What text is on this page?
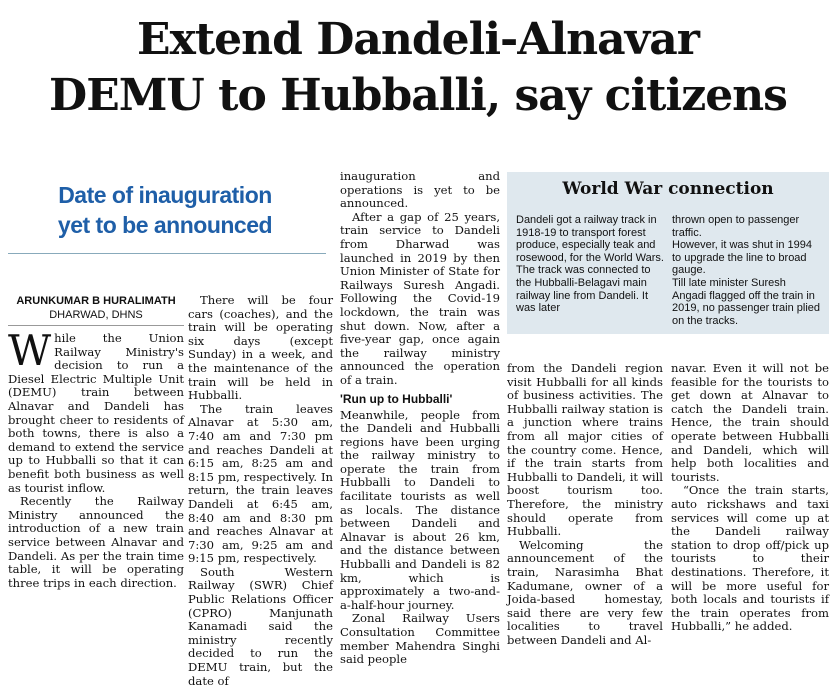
Extend Dandeli-Alnavar
DEMU to Hubballi, say citizens
Date of inauguration
yet to be announced
ARUNKUMAR B HURALIMATH
DHARWAD, DHNS

While the Union Railway Ministry's decision to run a Diesel Electric Multiple Unit (DEMU) train between Alnavar and Dandeli has brought cheer to residents of both towns, there is also a demand to extend the service up to Hubballi so that it can benefit both business as well as tourist inflow.

Recently the Railway Ministry announced the introduction of a new train service between Alnavar and Dandeli. As per the train time table, it will be operating three trips in each direction.

There will be four cars (coaches), and the train will be operating six days (except Sunday) in a week, and the maintenance of the train will be held in Hubballi.

The train leaves Alnavar at 5:30 am, 7:40 am and 7:30 pm and reaches Dandeli at 6:15 am, 8:25 am and 8:15 pm, respectively. In return, the train leaves Dandeli at 6:45 am, 8:40 am and 8:30 pm and reaches Alnavar at 7:30 am, 9:25 am and 9:15 pm, respectively.

South Western Railway (SWR) Chief Public Relations Officer (CPRO) Manjunath Kanamadi said the ministry recently decided to run the DEMU train, but the date of

inauguration and operations is yet to be announced.

After a gap of 25 years, train service to Dandeli from Dharwad was launched in 2019 by then Union Minister of State for Railways Suresh Angadi. Following the Covid-19 lockdown, the train was shut down. Now, after a five-year gap, once again the railway ministry announced the operation of a train.

'Run up to Hubballi'

Meanwhile, people from the Dandeli and Hubballi regions have been urging the railway ministry to operate the train from Hubballi to Dandeli to facilitate tourists as well as locals. The distance between Dandeli and Alnavar is about 26 km, and the distance between Hubballi and Dandeli is 82 km, which is approximately a two-and-a-half-hour journey.

Zonal Railway Users Consultation Committee member Mahendra Singhi said people

from the Dandeli region visit Hubballi for all kinds of business activities. The Hubballi railway station is a junction where trains from all major cities of the country come. Hence, if the train starts from Hubballi to Dandeli, it will boost tourism too. Therefore, the ministry should operate from Hubballi.

Welcoming the announcement of the train, Narasimha Bhat Kadumane, owner of a Joida-based homestay, said there are very few localities to travel between Dandeli and Al-

navar. Even it will not be feasible for the tourists to get down at Alnavar to catch the Dandeli train. Hence, the train should operate between Hubballi and Dandeli, which will help both localities and tourists.

“Once the train starts, auto rickshaws and taxi services will come up at the Dandeli railway station to drop off/pick up tourists to their destinations. Therefore, it will be more useful for both locals and tourists if the train operates from Hubballi,” he added.

World War connection

Dandeli got a railway track in 1918-19 to transport forest produce, especially teak and rosewood, for the World Wars.

The track was connected to the Hubballi-Belagavi main railway line from Dandeli. It was later

thrown open to passenger traffic.

However, it was shut in 1994 to upgrade the line to broad gauge.

Till late minister Suresh Angadi flagged off the train in 2019, no passenger train plied on the tracks.
